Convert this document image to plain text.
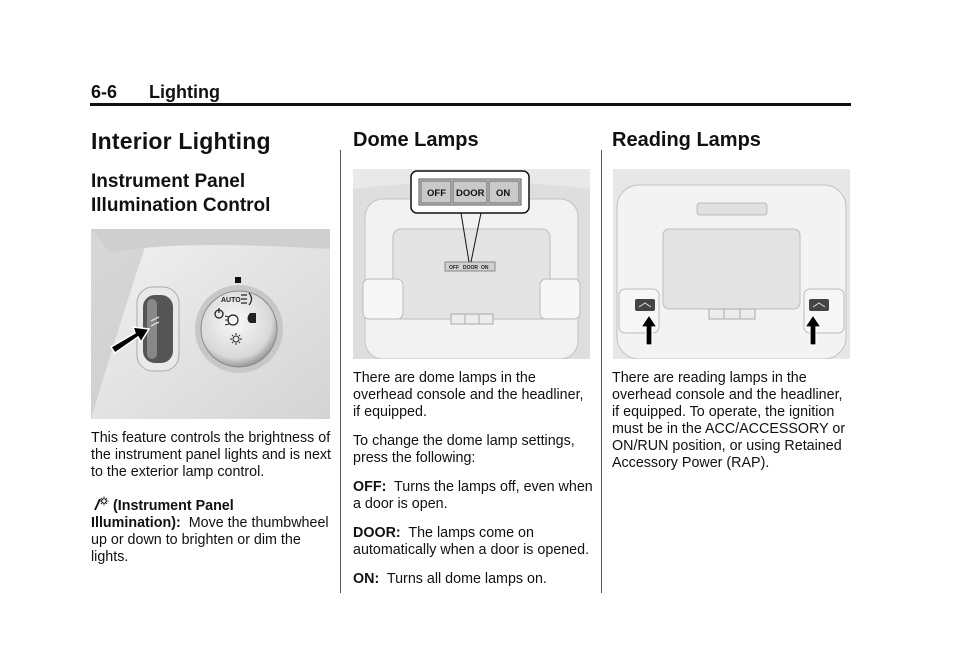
6-6 Lighting
Interior Lighting
Instrument Panel Illumination Control
AUTO

This feature controls the brightness of the instrument panel lights and is next to the exterior lamp control.

(Instrument Panel Illumination): Move the thumbwheel up or down to brighten or dim the lights.

Dome Lamps
OFF DOOR ON
OFF DOOR ON

There are dome lamps in the overhead console and the headliner, if equipped.

To change the dome lamp settings, press the following:

OFF: Turns the lamps off, even when a door is open.

DOOR: The lamps come on automatically when a door is opened.

ON: Turns all dome lamps on.

Reading Lamps

There are reading lamps in the overhead console and the headliner, if equipped. To operate, the ignition must be in the ACC/ACCESSORY or ON/RUN position, or using Retained Accessory Power (RAP).
